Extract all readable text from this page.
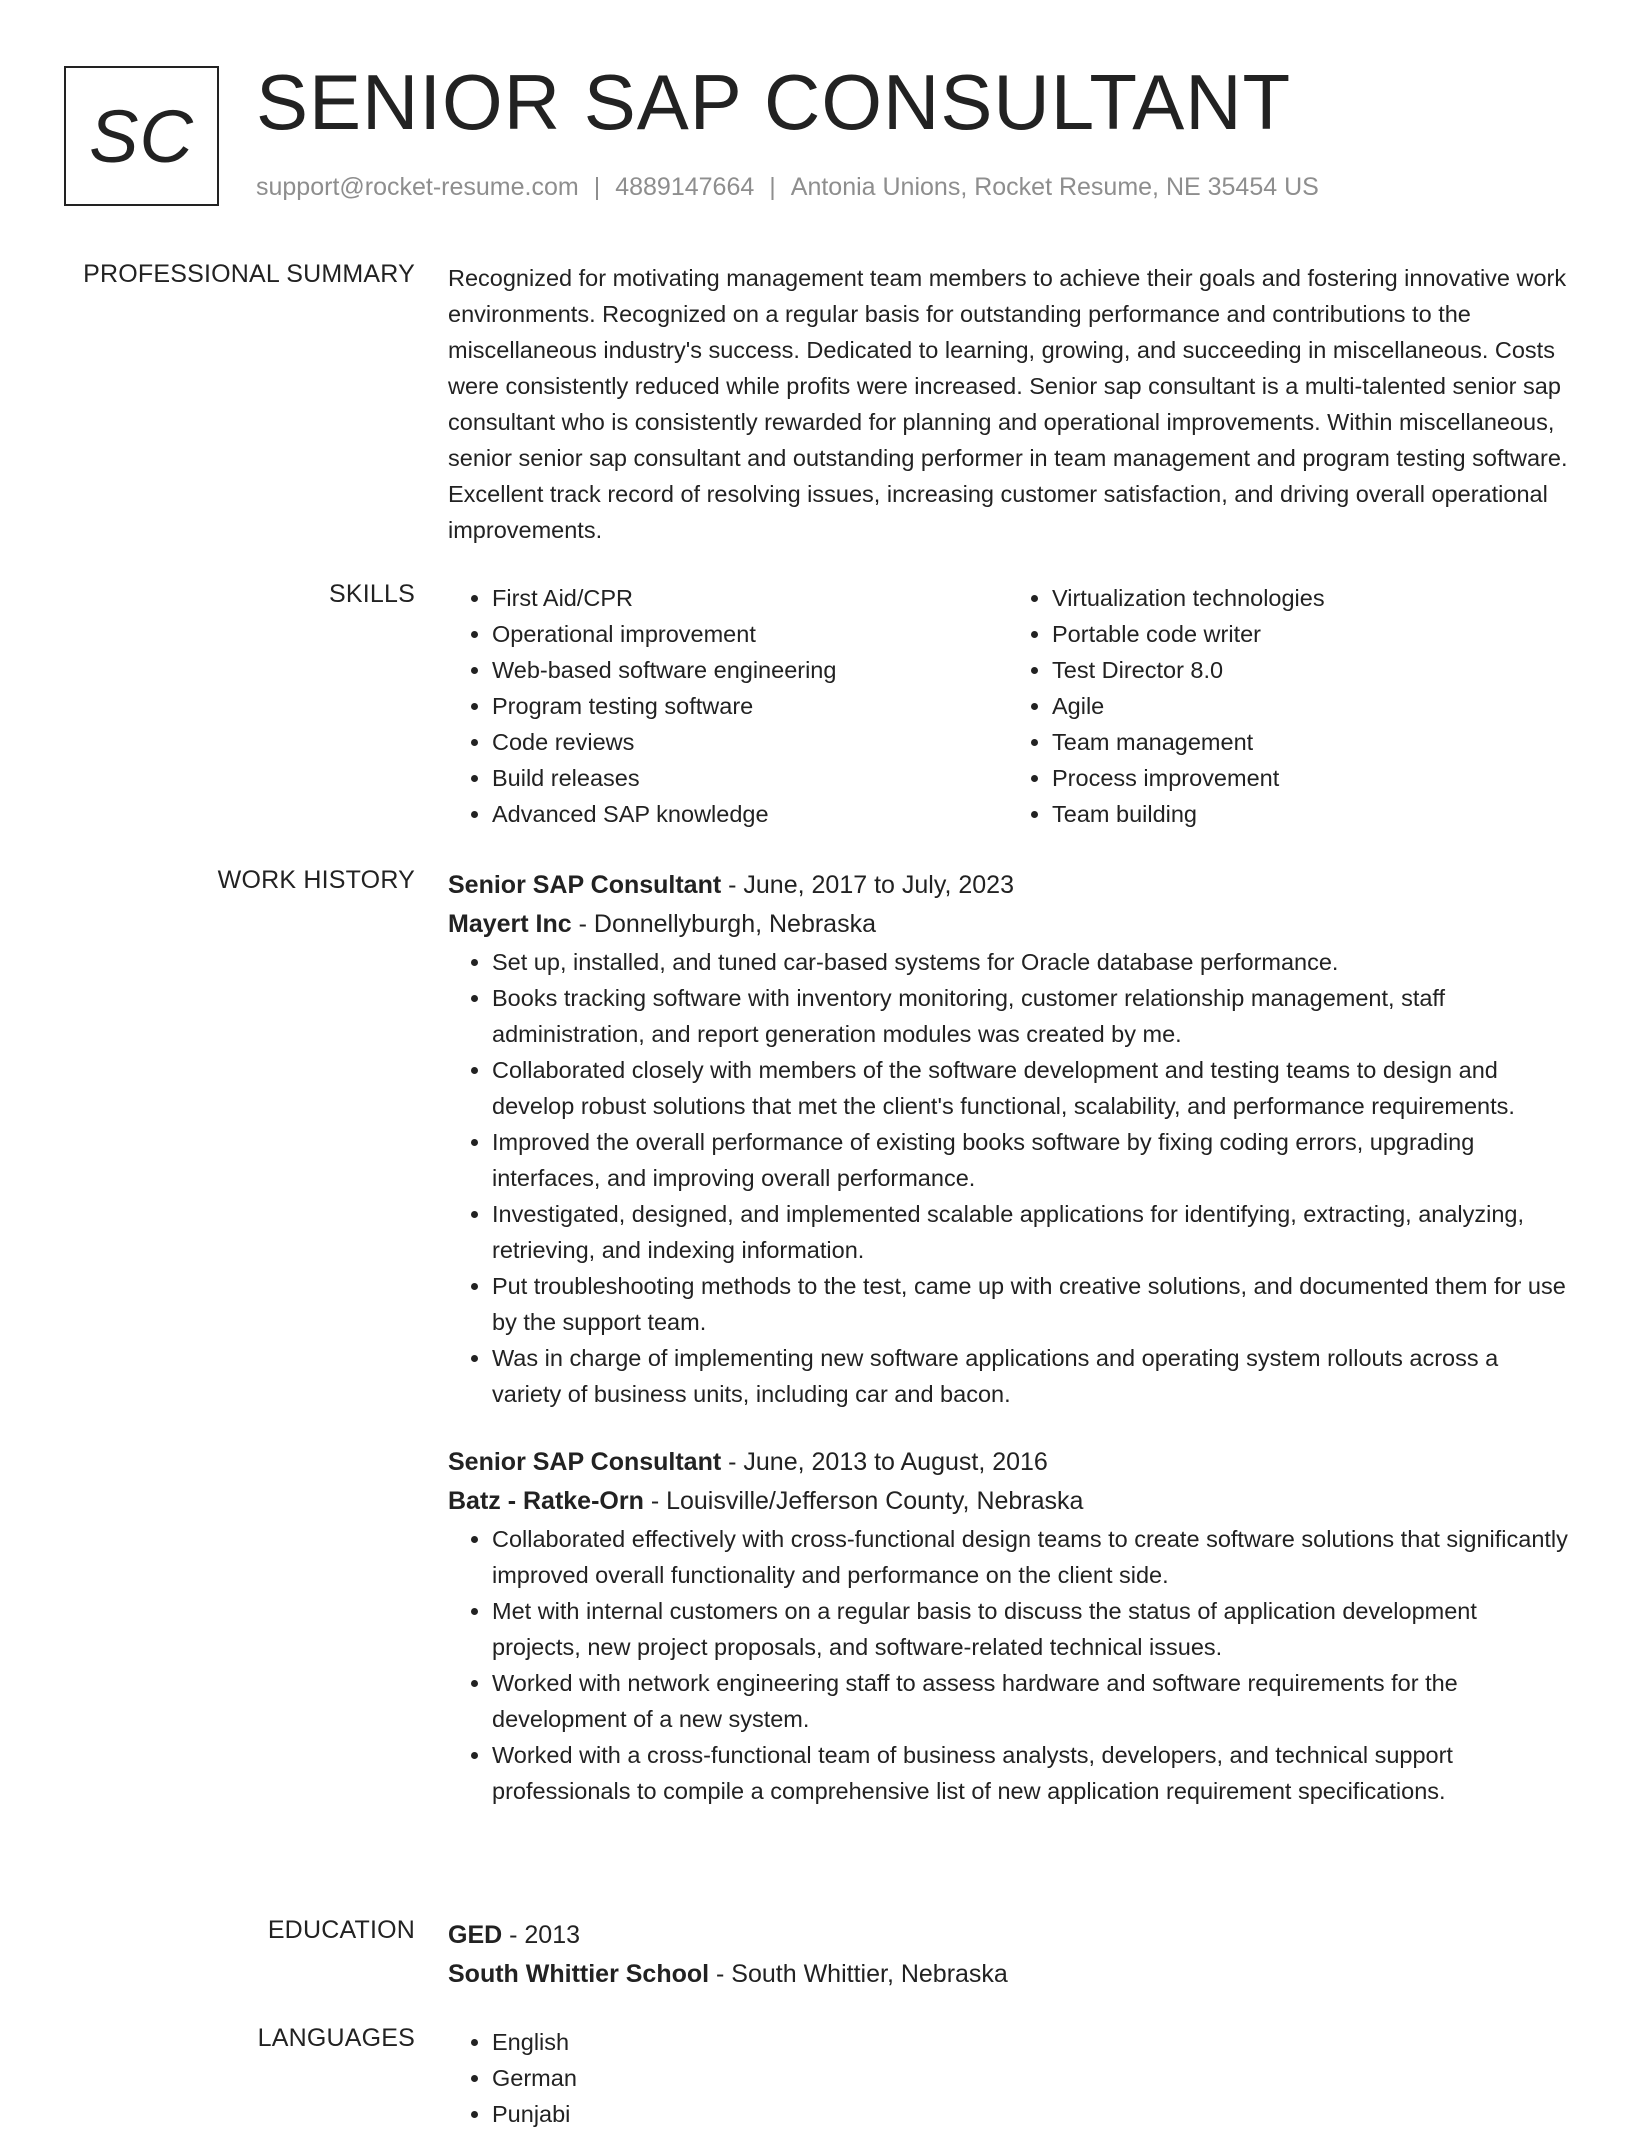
SC SENIOR SAP CONSULTANT
support@rocket-resume.com | 4889147664 | Antonia Unions, Rocket Resume, NE 35454 US
PROFESSIONAL SUMMARY Recognized for motivating management team members to achieve their goals and fostering innovative work environments. Recognized on a regular basis for outstanding performance and contributions to the miscellaneous industry's success. Dedicated to learning, growing, and succeeding in miscellaneous. Costs were consistently reduced while profits were increased. Senior sap consultant is a multi-talented senior sap consultant who is consistently rewarded for planning and operational improvements. Within miscellaneous, senior senior sap consultant and outstanding performer in team management and program testing software. Excellent track record of resolving issues, increasing customer satisfaction, and driving overall operational improvements.

SKILLS	• First Aid/CPR
• Operational improvement
• Web-based software engineering
• Program testing software
• Code reviews
• Build releases
• Advanced SAP knowledge
• Virtualization technologies
• Portable code writer
• Test Director 8.0
• Agile
• Team management
• Process improvement
• Team building
WORK HISTORY Senior SAP Consultant - June, 2017 to July, 2023
Mayert Inc - Donnellyburgh, Nebraska
• Set up, installed, and tuned car-based systems for Oracle database performance.
• Books tracking software with inventory monitoring, customer relationship management, staff administration, and report generation modules was created by me.
• Collaborated closely with members of the software development and testing teams to design and develop robust solutions that met the client's functional, scalability, and performance requirements.
• Improved the overall performance of existing books software by fixing coding errors, upgrading interfaces, and improving overall performance.
• Investigated, designed, and implemented scalable applications for identifying, extracting, analyzing, retrieving, and indexing information.
• Put troubleshooting methods to the test, came up with creative solutions, and documented them for use by the support team.
• Was in charge of implementing new software applications and operating system rollouts across a variety of business units, including car and bacon.
Senior SAP Consultant - June, 2013 to August, 2016
Batz - Ratke-Orn - Louisville/Jefferson County, Nebraska
• Collaborated effectively with cross-functional design teams to create software solutions that significantly improved overall functionality and performance on the client side.
• Met with internal customers on a regular basis to discuss the status of application development projects, new project proposals, and software-related technical issues.
• Worked with network engineering staff to assess hardware and software requirements for the development of a new system.
• Worked with a cross-functional team of business analysts, developers, and technical support professionals to compile a comprehensive list of new application requirement specifications.
EDUCATION GED - 2013
South Whittier School - South Whittier, Nebraska
LANGUAGES	• English
• German
• Punjabi
